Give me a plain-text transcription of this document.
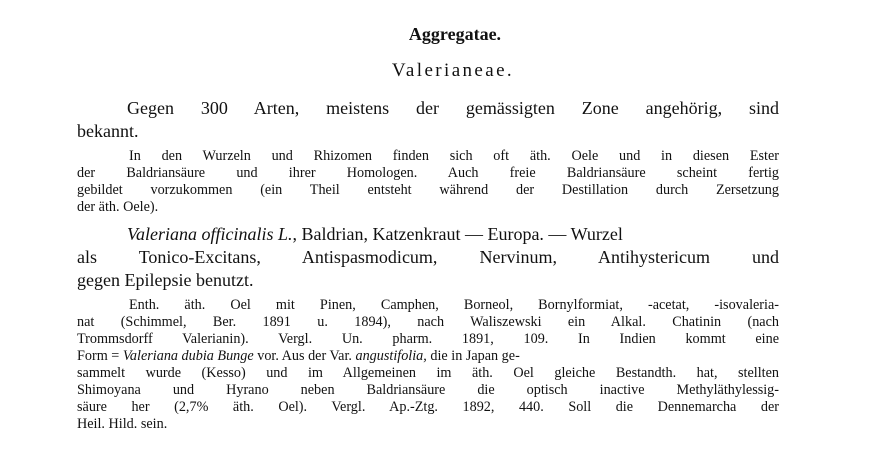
Aggregatae.
Valerianeae.
Gegen 300 Arten, meistens der gemässigten Zone angehörig, sind
bekannt.
In den Wurzeln und Rhizomen finden sich oft äth. Oele und in diesen Ester
der Baldriansäure und ihrer Homologen. Auch freie Baldriansäure scheint fertig
gebildet vorzukommen (ein Theil entsteht während der Destillation durch Zersetzung
der äth. Oele).
Valeriana officinalis L., Baldrian, Katzenkraut — Europa. — Wurzel
als Tonico-Excitans, Antispasmodicum, Nervinum, Antihystericum und
gegen Epilepsie benutzt.
Enth. äth. Oel mit Pinen, Camphen, Borneol, Bornylformiat, -acetat, -isovaleria-
nat (Schimmel, Ber. 1891 u. 1894), nach Waliszewski ein Alkal. Chatinin (nach
Trommsdorff Valerianin). Vergl. Un. pharm. 1891, 109. In Indien kommt eine
Form = Valeriana dubia Bunge vor. Aus der Var. angustifolia, die in Japan ge-
sammelt wurde (Kesso) und im Allgemeinen im äth. Oel gleiche Bestandth. hat, stellten
Shimoyana und Hyrano neben Baldriansäure die optisch inactive Methyläthylessig-
säure her (2,7% äth. Oel). Vergl. Ap.-Ztg. 1892, 440. Soll die Dennemarcha der
Heil. Hild. sein.
